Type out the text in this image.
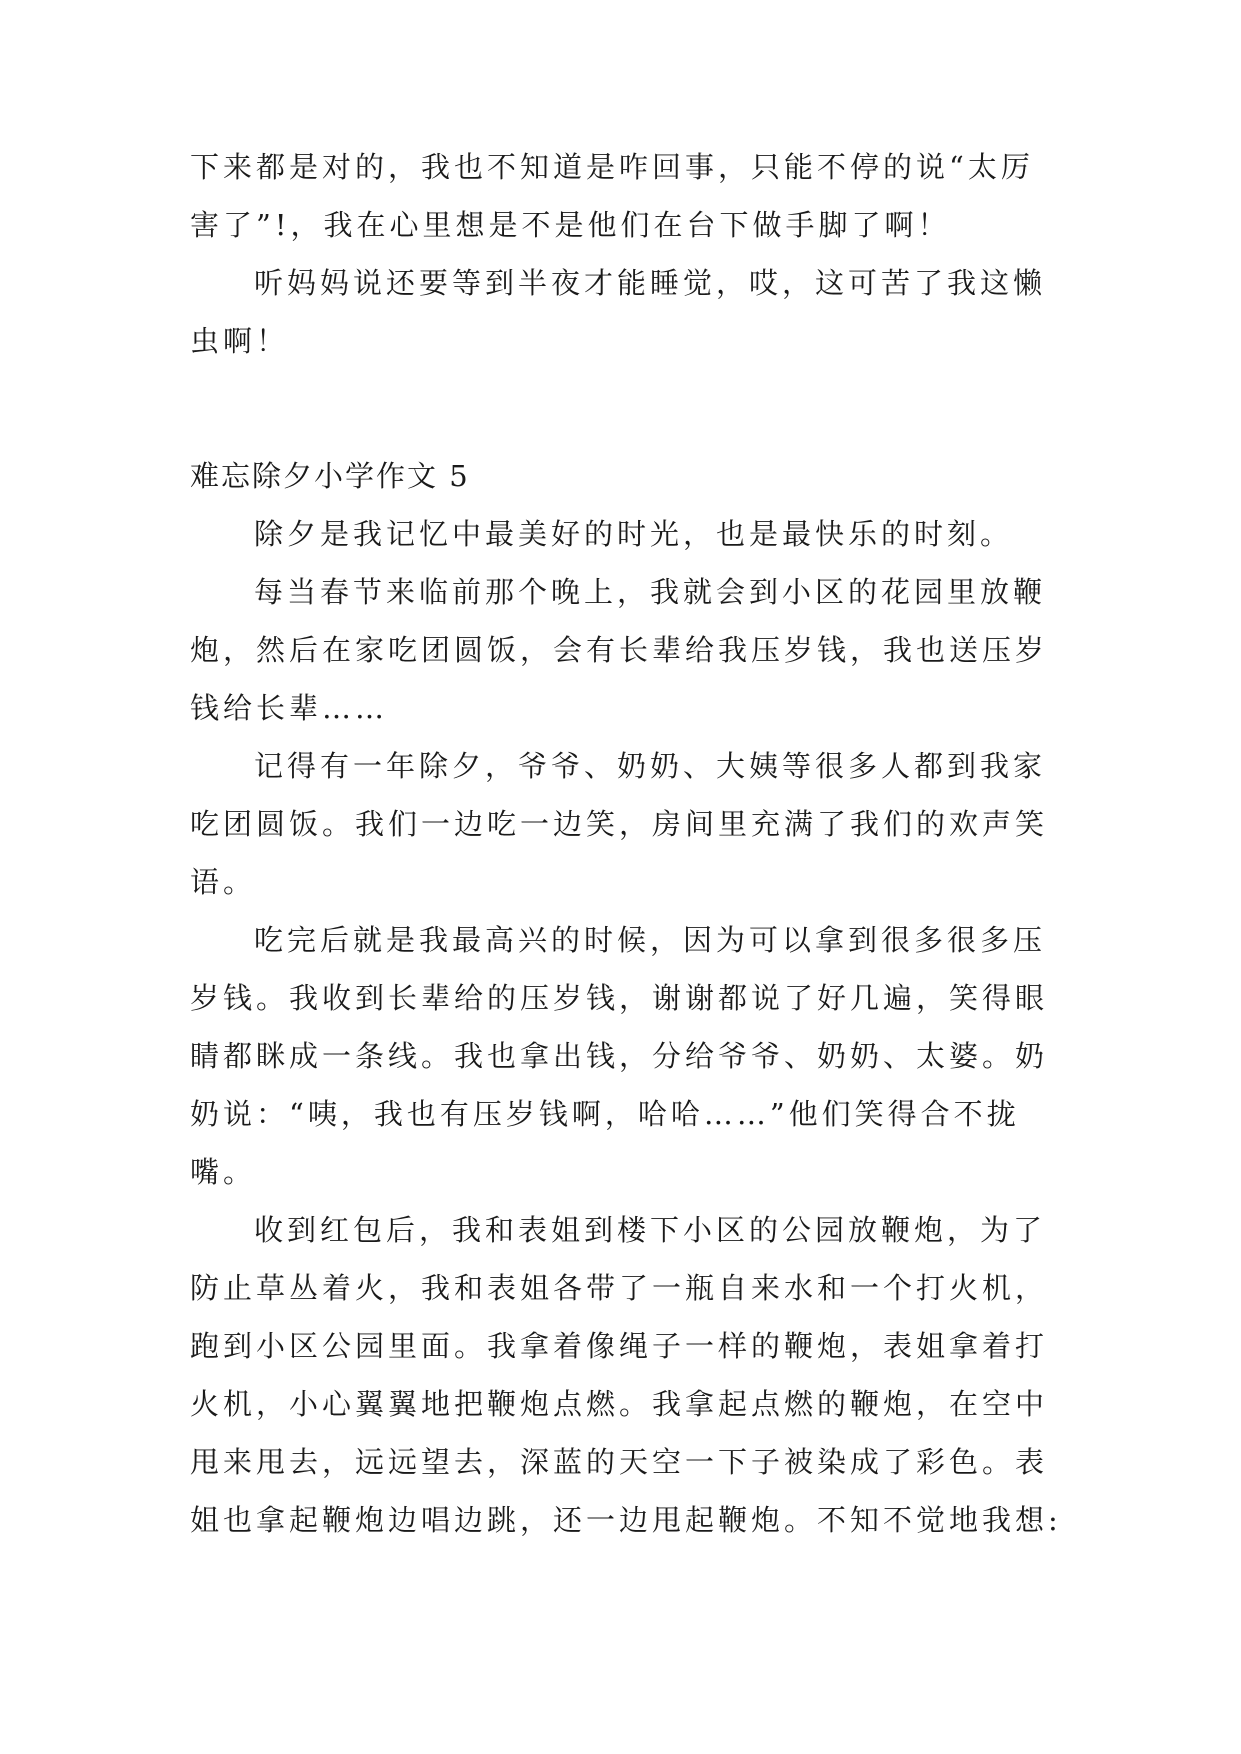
下来都是对的，我也不知道是咋回事，只能不停的说“太厉
害了”!，我在心里想是不是他们在台下做手脚了啊！
听妈妈说还要等到半夜才能睡觉，哎，这可苦了我这懒
虫啊！
难忘除夕小学作文 5
除夕是我记忆中最美好的时光，也是最快乐的时刻。
每当春节来临前那个晚上，我就会到小区的花园里放鞭
炮，然后在家吃团圆饭，会有长辈给我压岁钱，我也送压岁
钱给长辈……
记得有一年除夕，爷爷、奶奶、大姨等很多人都到我家
吃团圆饭。我们一边吃一边笑，房间里充满了我们的欢声笑
语。
吃完后就是我最高兴的时候，因为可以拿到很多很多压
岁钱。我收到长辈给的压岁钱，谢谢都说了好几遍，笑得眼
睛都眯成一条线。我也拿出钱，分给爷爷、奶奶、太婆。奶
奶说：“咦，我也有压岁钱啊，哈哈……”他们笑得合不拢
嘴。
收到红包后，我和表姐到楼下小区的公园放鞭炮，为了
防止草丛着火，我和表姐各带了一瓶自来水和一个打火机，
跑到小区公园里面。我拿着像绳子一样的鞭炮，表姐拿着打
火机，小心翼翼地把鞭炮点燃。我拿起点燃的鞭炮，在空中
甩来甩去，远远望去，深蓝的天空一下子被染成了彩色。表
姐也拿起鞭炮边唱边跳，还一边甩起鞭炮。不知不觉地我想:
